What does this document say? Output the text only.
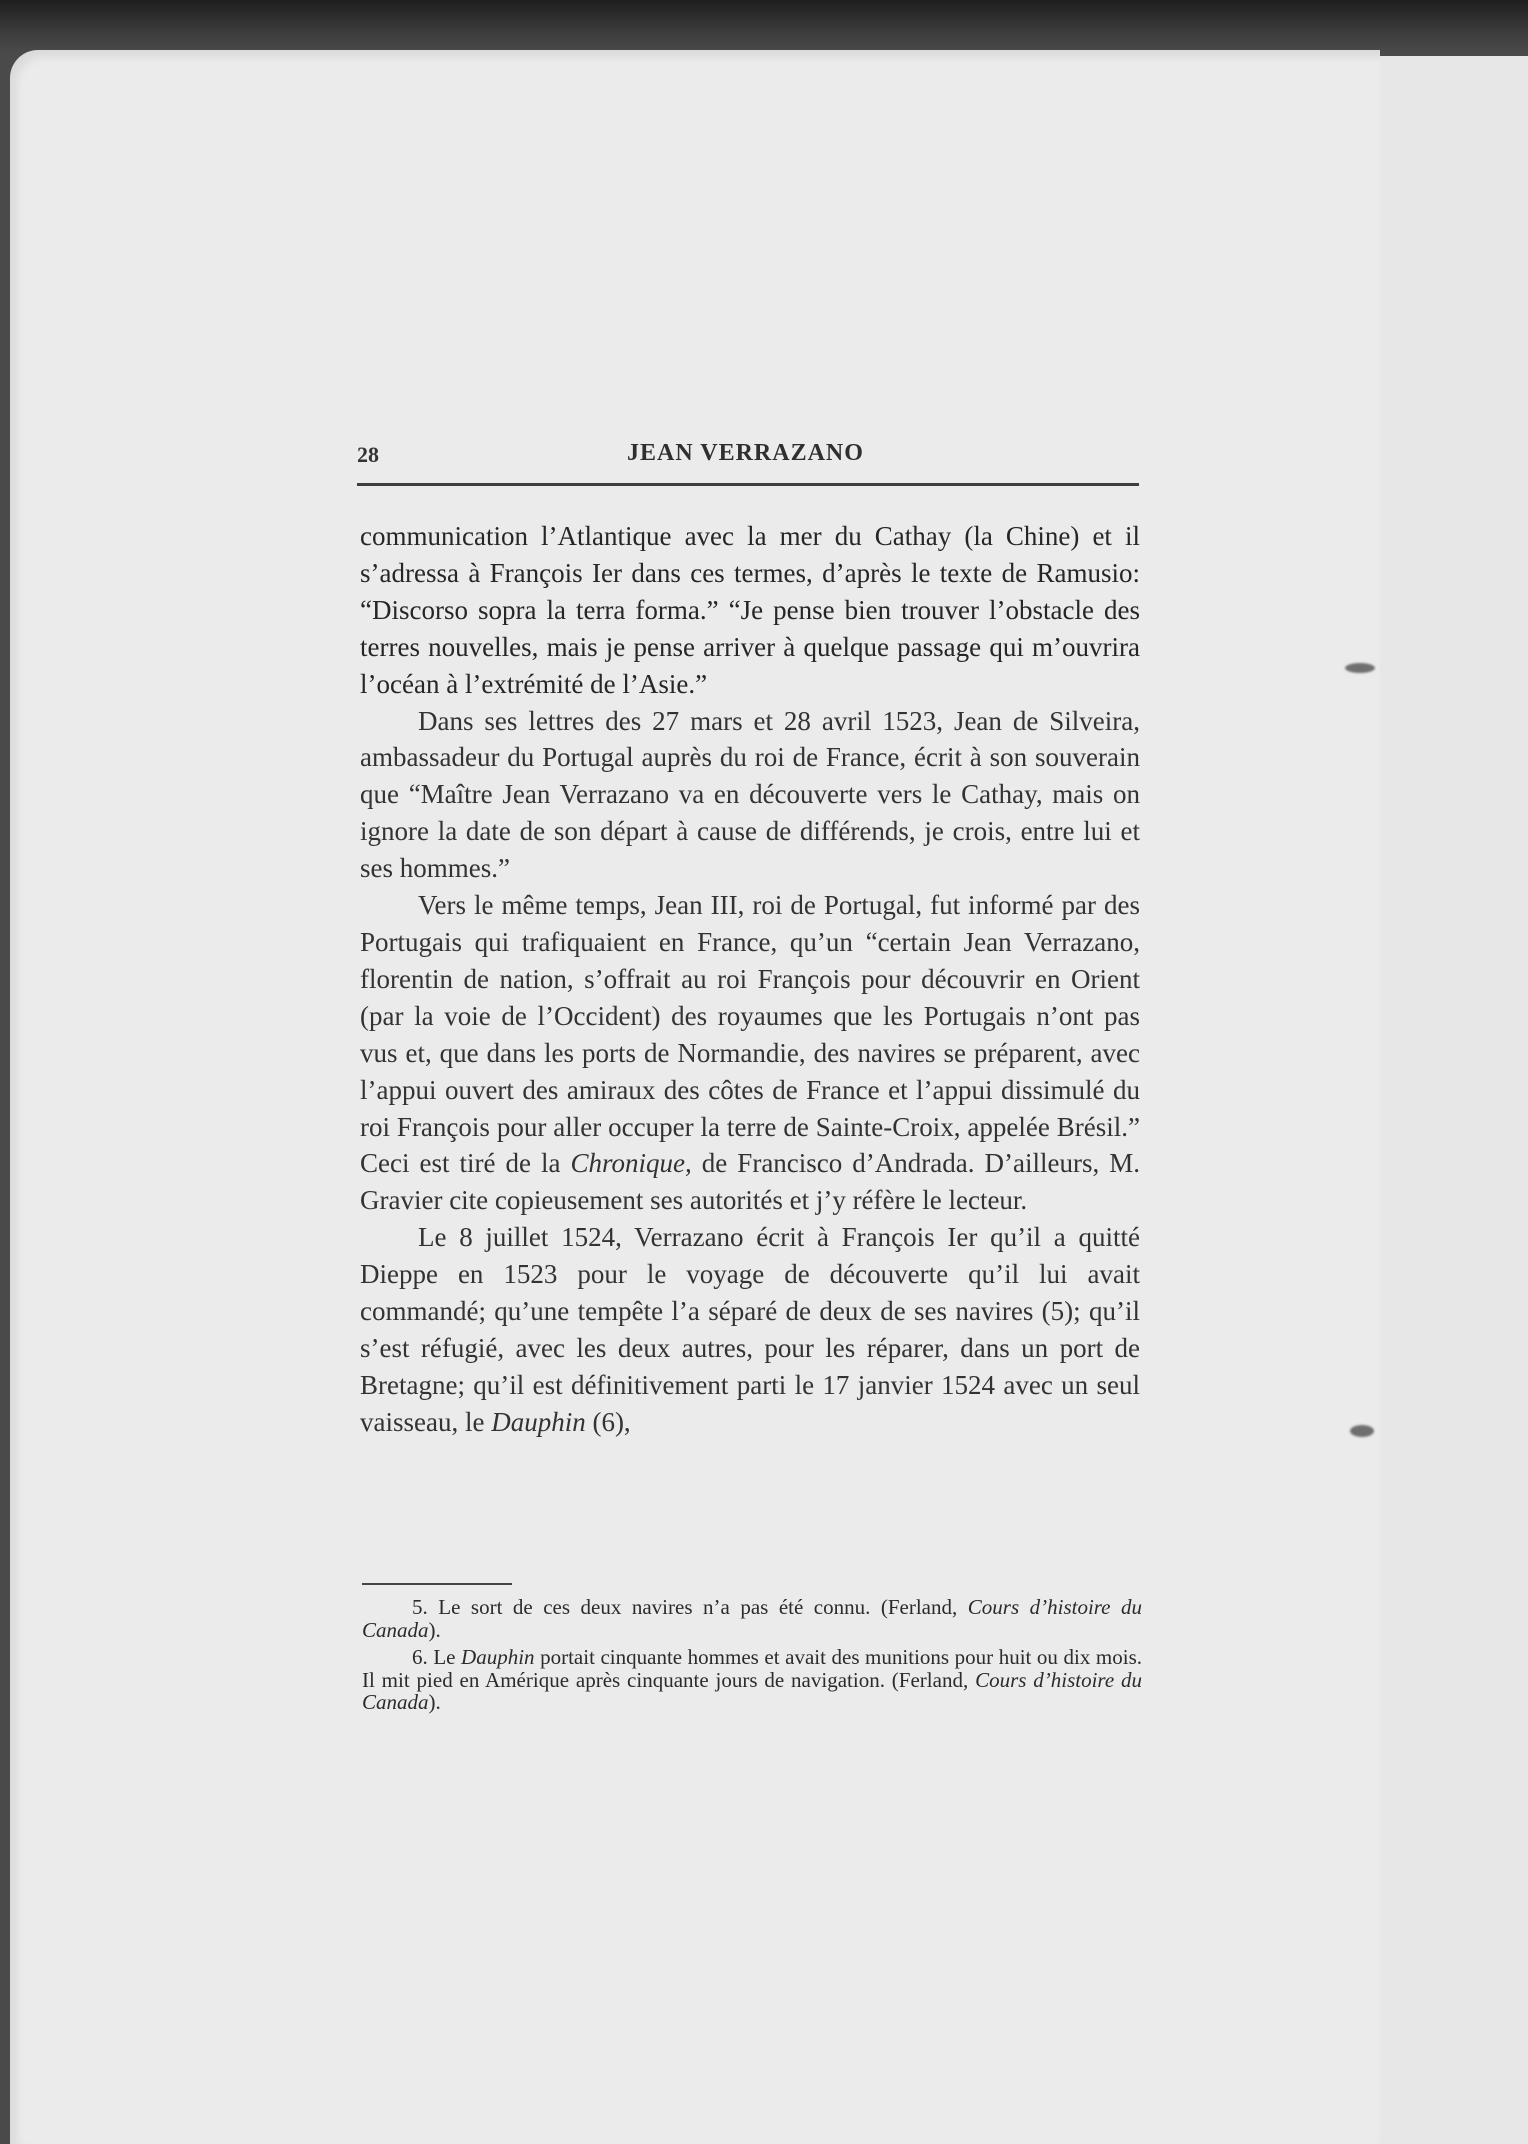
28	JEAN VERRAZANO

communication l’Atlantique avec la mer du Cathay (la Chine) et il s’adressa à François Ier dans ces termes, d’après le texte de Ramusio: “Discorso sopra la terra forma.” “Je pense bien trouver l’obstacle des terres nouvelles, mais je pense arriver à quelque passage qui m’ouvrira l’océan à l’extrémité de l’Asie.”

Dans ses lettres des 27 mars et 28 avril 1523, Jean de Silveira, ambassadeur du Portugal auprès du roi de France, écrit à son souverain que “Maître Jean Verrazano va en découverte vers le Cathay, mais on ignore la date de son départ à cause de différends, je crois, entre lui et ses hommes.”

Vers le même temps, Jean III, roi de Portugal, fut informé par des Portugais qui trafiquaient en France, qu’un “certain Jean Verrazano, florentin de nation, s’offrait au roi François pour découvrir en Orient (par la voie de l’Occident) des royaumes que les Portugais n’ont pas vus et, que dans les ports de Normandie, des navires se préparent, avec l’appui ouvert des amiraux des côtes de France et l’appui dissimulé du roi François pour aller occuper la terre de Sainte-Croix, appelée Brésil.” Ceci est tiré de la Chronique, de Francisco d’Andrada. D’ailleurs, M. Gravier cite copieusement ses autorités et j’y réfère le lecteur.

Le 8 juillet 1524, Verrazano écrit à François Ier qu’il a quitté Dieppe en 1523 pour le voyage de découverte qu’il lui avait commandé; qu’une tempête l’a séparé de deux de ses navires (5); qu’il s’est réfugié, avec les deux autres, pour les réparer, dans un port de Bretagne; qu’il est définitivement parti le 17 janvier 1524 avec un seul vaisseau, le Dauphin (6),

5. Le sort de ces deux navires n’a pas été connu. (Ferland, Cours d’histoire du Canada).

6. Le Dauphin portait cinquante hommes et avait des munitions pour huit ou dix mois. Il mit pied en Amérique après cinquante jours de navigation. (Ferland, Cours d’histoire du Canada).
